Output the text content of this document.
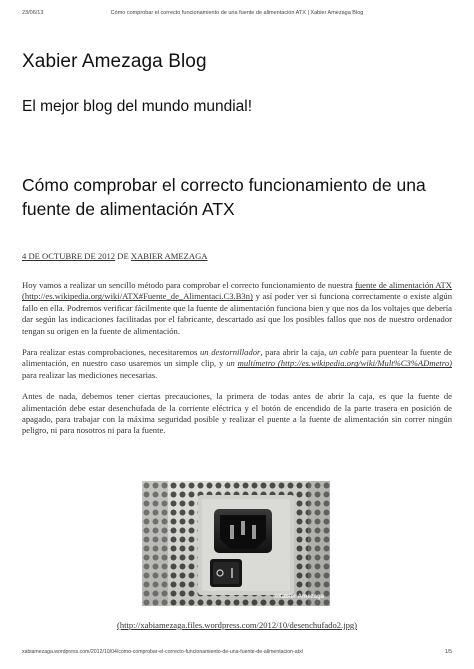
23/06/13	Cómo comprobar el correcto funcionamiento de una fuente de alimentación ATX | Xabier Amezaga Blog
Xabier Amezaga Blog
El mejor blog del mundo mundial!
Cómo comprobar el correcto funcionamiento de una fuente de alimentación ATX
4 DE OCTUBRE DE 2012 DE XABIER AMEZAGA

Hoy vamos a realizar un sencillo método para comprobar el correcto funcionamiento de nuestra fuente de alimentación ATX (http://es.wikipedia.org/wiki/ATX#Fuente_de_Alimentaci.C3.B3n) y así poder ver si funciona correctamente o existe algún fallo en ella. Podremos verificar fácilmente que la fuente de alimentación funciona bien y que nos da los voltajes que debería dar según las indicaciones facilitadas por el fabricante, descartado así que los posibles fallos que nos de nuestro ordenador tengan su origen en la fuente de alimentación.

Para realizar estas comprobaciones, necesitaremos un destornillador, para abrir la caja, un cable para puentear la fuente de alimentación, en nuestro caso usaremos un simple clip, y un multímetro (http://es.wikipedia.org/wiki/Mult%C3%ADmetro) para realizar las mediciones necesarias.

Antes de nada, debemos tener ciertas precauciones, la primera de todas antes de abrir la caja, es que la fuente de alimentación debe estar desenchufada de la corriente eléctrica y el botón de encendido de la parte trasera en posición de apagado, para trabajar con la máxima seguridad posible y realizar el puente a la fuente de alimentación sin correr ningún peligro, ni para nosotros ni para la fuente.

©Xabier Amezaga
(http://xabiamezaga.files.wordpress.com/2012/10/desenchufado2.jpg)
xabiamezaga.wordpress.com/2012/10/04/como-comprobar-el-correcto-funcionamiento-de-una-fuente-de-alimentacion-atx/	1/5
